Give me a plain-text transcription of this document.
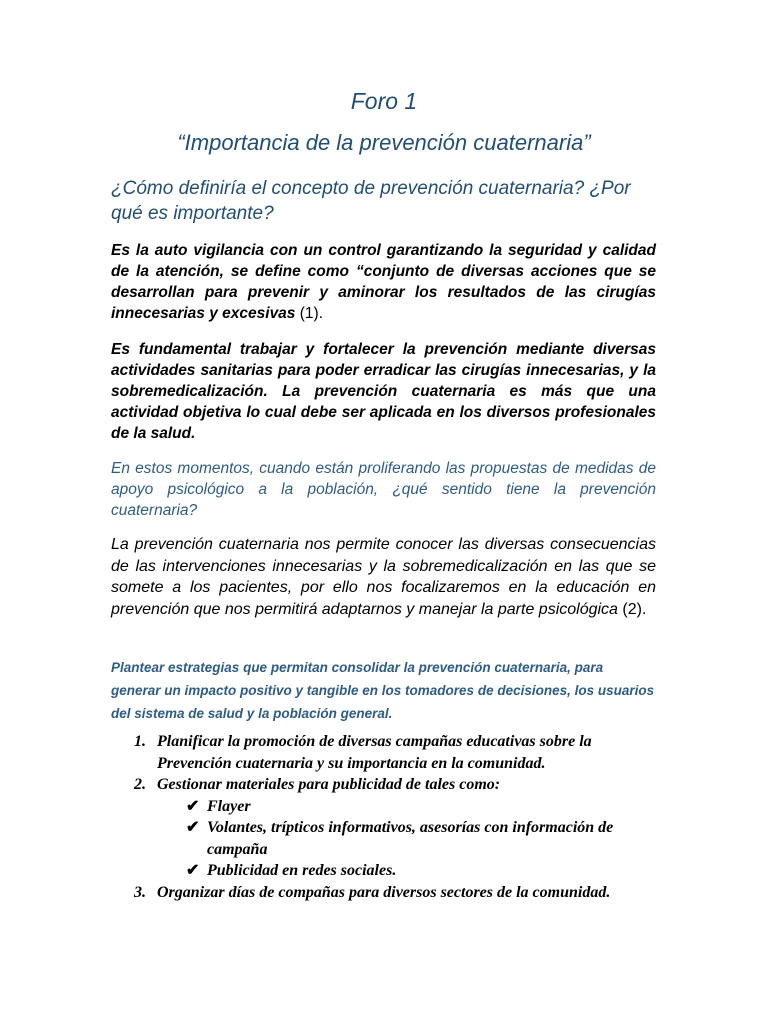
Foro 1
“Importancia de la prevención cuaternaria”
¿Cómo definiría el concepto de prevención cuaternaria? ¿Por qué es importante?
Es la auto vigilancia con un control garantizando la seguridad y calidad de la atención, se define como “conjunto de diversas acciones que se desarrollan para prevenir y aminorar los resultados de las cirugías innecesarias y excesivas (1).
Es fundamental trabajar y fortalecer la prevención mediante diversas actividades sanitarias para poder erradicar las cirugías innecesarias, y la sobremedicalización. La prevención cuaternaria es más que una actividad objetiva lo cual debe ser aplicada en los diversos profesionales de la salud.
En estos momentos, cuando están proliferando las propuestas de medidas de apoyo psicológico a la población, ¿qué sentido tiene la prevención cuaternaria?
La prevención cuaternaria nos permite conocer las diversas consecuencias de las intervenciones innecesarias y la sobremedicalización en las que se somete a los pacientes, por ello nos focalizaremos en la educación en prevención que nos permitirá adaptarnos y manejar la parte psicológica (2).
Plantear estrategias que permitan consolidar la prevención cuaternaria, para generar un impacto positivo y tangible en los tomadores de decisiones, los usuarios del sistema de salud y la población general.
1. Planificar la promoción de diversas campañas educativas sobre la Prevención cuaternaria y su importancia en la comunidad.
2. Gestionar materiales para publicidad de tales como:
✔ Flayer
✔ Volantes, trípticos informativos, asesorías con información de campaña
✔ Publicidad en redes sociales.
3. Organizar días de compañas para diversos sectores de la comunidad.
